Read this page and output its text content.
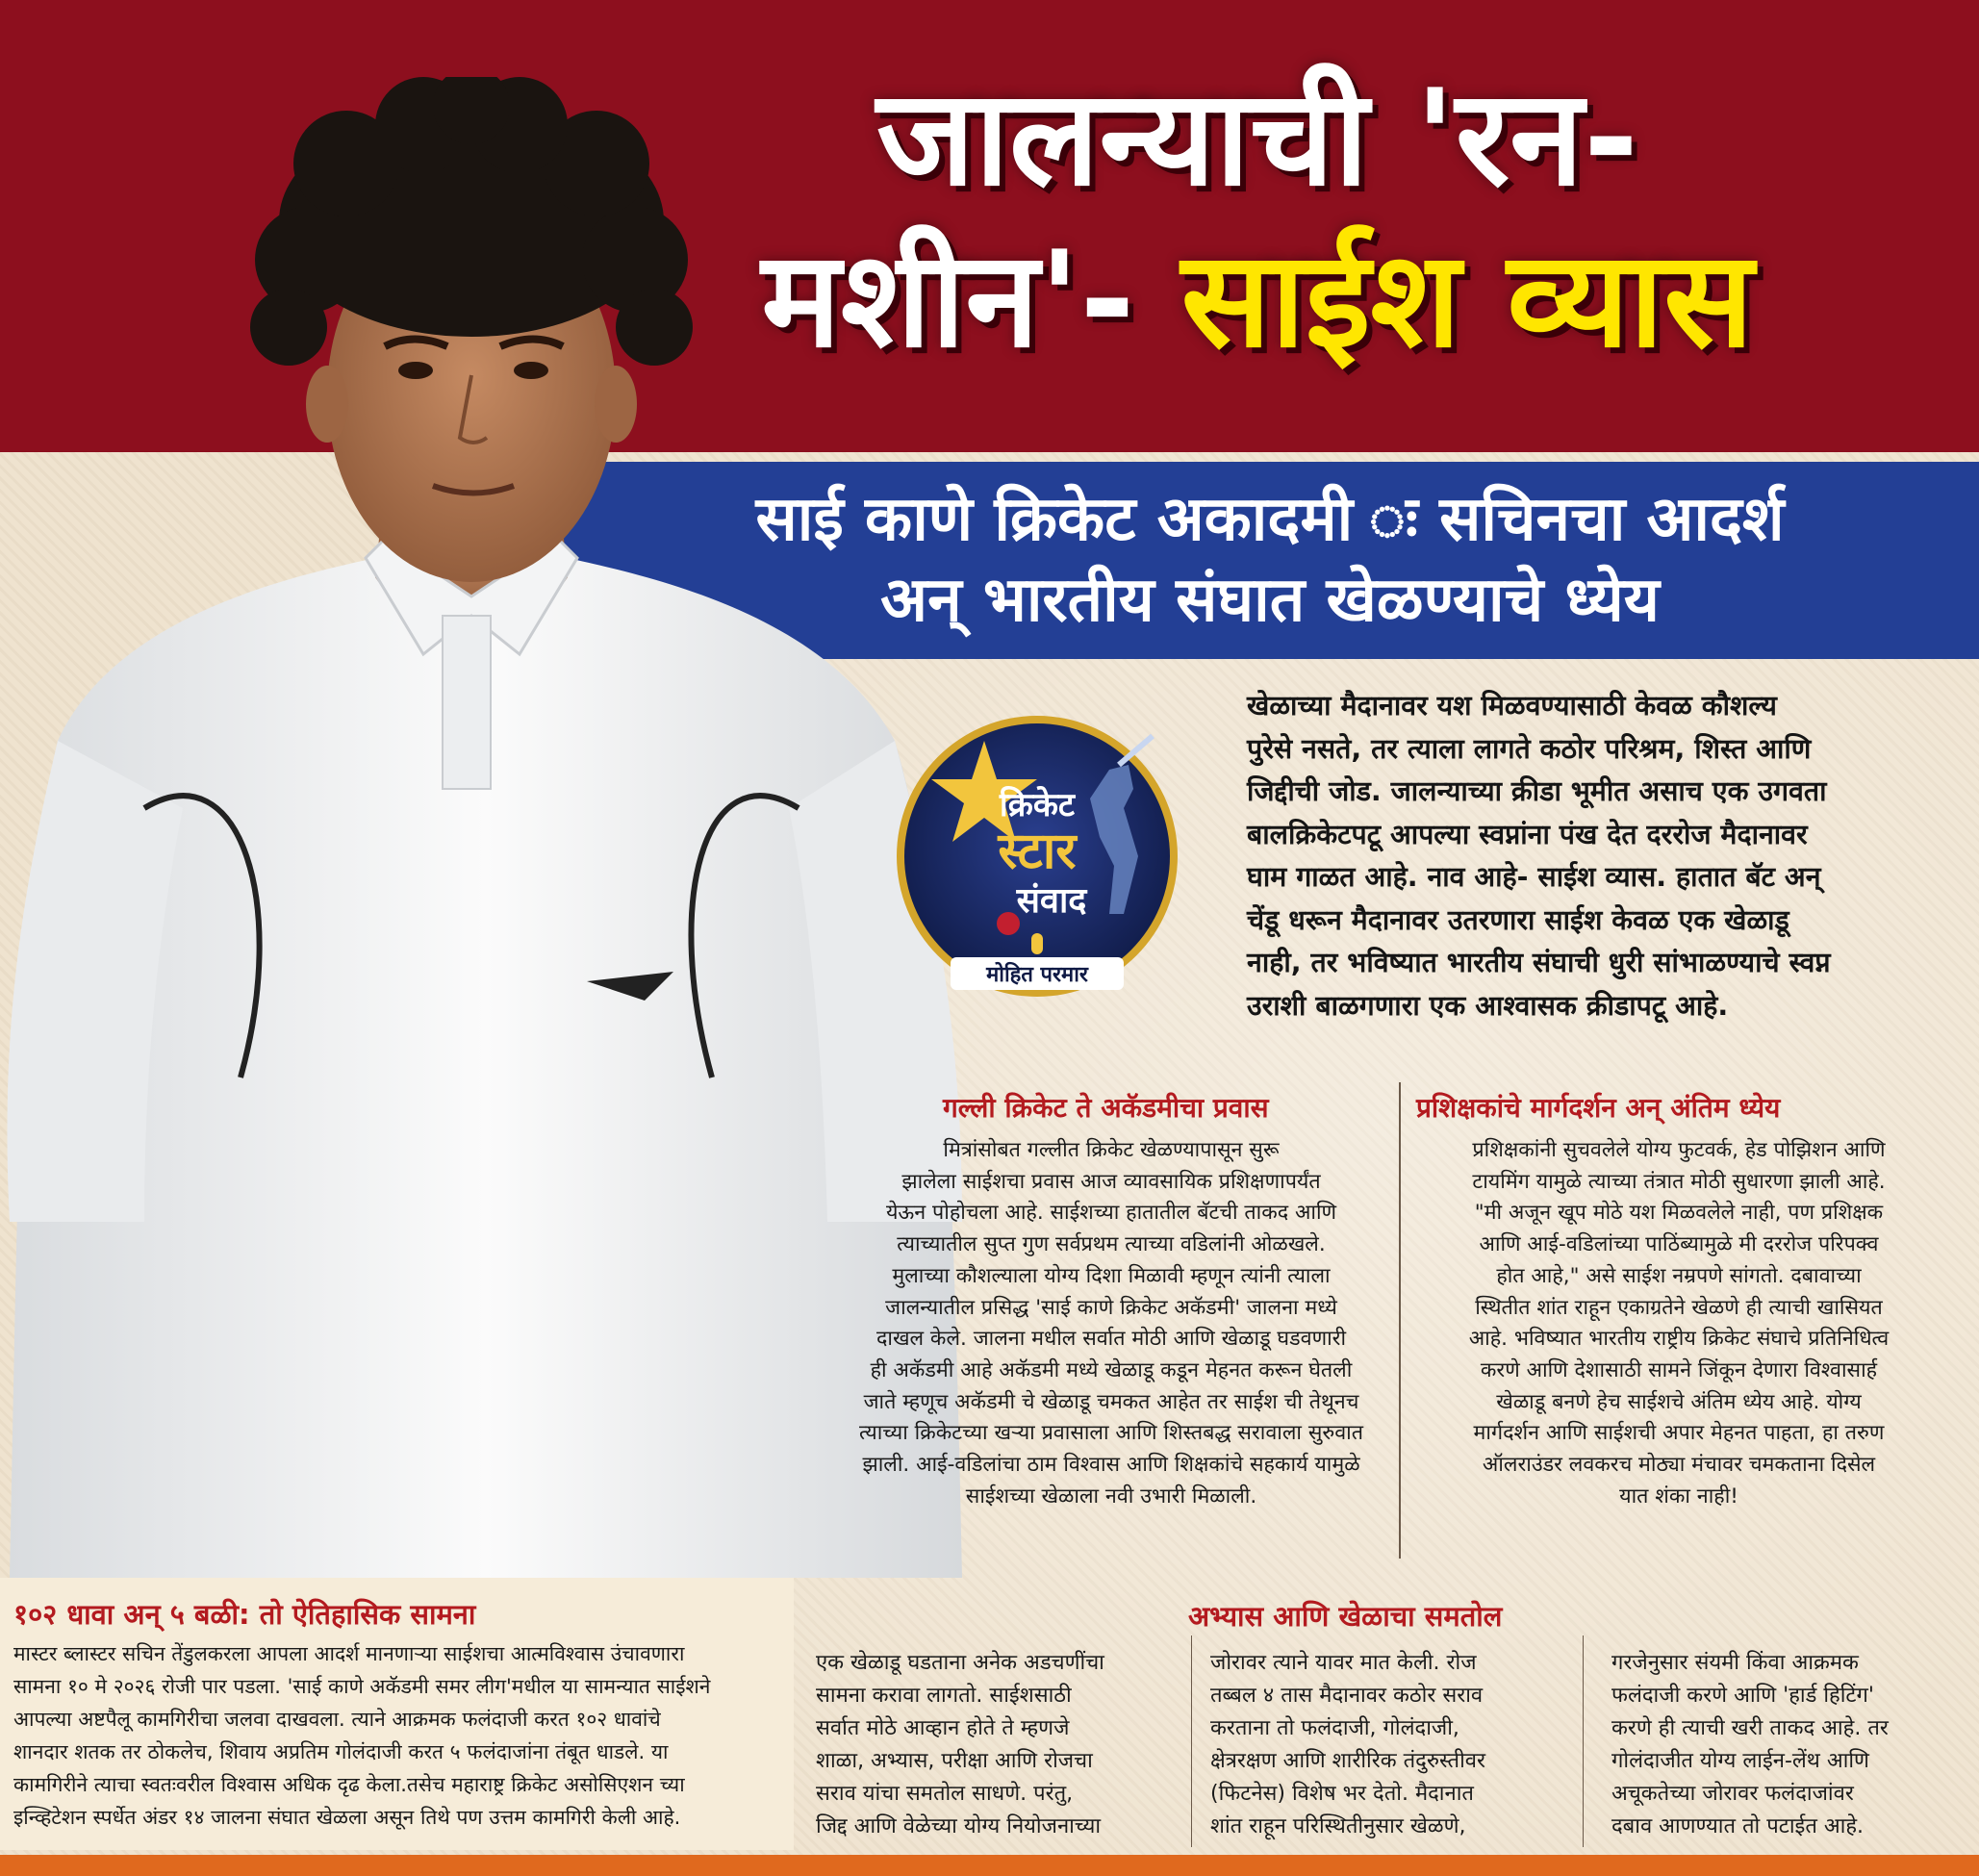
जालन्याची 'रन-
मशीन'- साईश व्यास
साई काणे क्रिकेट अकादमी ः सचिनचा आदर्श
अन् भारतीय संघात खेळण्याचे ध्येय
क्रिकेट
स्टार
संवाद
मोहित परमार
खेळाच्या मैदानावर यश मिळवण्यासाठी केवळ कौशल्य
पुरेसे नसते, तर त्याला लागते कठोर परिश्रम, शिस्त आणि
जिद्दीची जोड. जालन्याच्या क्रीडा भूमीत असाच एक उगवता
बालक्रिकेटपटू आपल्या स्वप्नांना पंख देत दररोज मैदानावर
घाम गाळत आहे. नाव आहे- साईश व्यास. हातात बॅट अन्
चेंडू धरून मैदानावर उतरणारा साईश केवळ एक खेळाडू
नाही, तर भविष्यात भारतीय संघाची धुरी सांभाळण्याचे स्वप्न
उराशी बाळगणारा एक आश्वासक क्रीडापटू आहे.
गल्ली क्रिकेट ते अकॅडमीचा प्रवास
मित्रांसोबत गल्लीत क्रिकेट खेळण्यापासून सुरू
झालेला साईशचा प्रवास आज व्यावसायिक प्रशिक्षणापर्यंत
येऊन पोहोचला आहे. साईशच्या हातातील बॅटची ताकद आणि
त्याच्यातील सुप्त गुण सर्वप्रथम त्याच्या वडिलांनी ओळखले.
मुलाच्या कौशल्याला योग्य दिशा मिळावी म्हणून त्यांनी त्याला
जालन्यातील प्रसिद्ध 'साई काणे क्रिकेट अकॅडमी' जालना मध्ये
दाखल केले. जालना मधील सर्वात मोठी आणि खेळाडू घडवणारी
ही अकॅडमी आहे अकॅडमी मध्ये खेळाडू कडून मेहनत करून घेतली
जाते म्हणूच अकॅडमी चे खेळाडू चमकत आहेत तर साईश ची तेथूनच
त्याच्या क्रिकेटच्या खऱ्या प्रवासाला आणि शिस्तबद्ध सरावाला सुरुवात
झाली. आई-वडिलांचा ठाम विश्वास आणि शिक्षकांचे सहकार्य यामुळे
साईशच्या खेळाला नवी उभारी मिळाली.
प्रशिक्षकांचे मार्गदर्शन अन् अंतिम ध्येय
प्रशिक्षकांनी सुचवलेले योग्य फुटवर्क, हेड पोझिशन आणि
टायमिंग यामुळे त्याच्या तंत्रात मोठी सुधारणा झाली आहे.
"मी अजून खूप मोठे यश मिळवलेले नाही, पण प्रशिक्षक
आणि आई-वडिलांच्या पाठिंब्यामुळे मी दररोज परिपक्व
होत आहे," असे साईश नम्रपणे सांगतो. दबावाच्या
स्थितीत शांत राहून एकाग्रतेने खेळणे ही त्याची खासियत
आहे. भविष्यात भारतीय राष्ट्रीय क्रिकेट संघाचे प्रतिनिधित्व
करणे आणि देशासाठी सामने जिंकून देणारा विश्वासार्ह
खेळाडू बनणे हेच साईशचे अंतिम ध्येय आहे. योग्य
मार्गदर्शन आणि साईशची अपार मेहनत पाहता, हा तरुण
ऑलराउंडर लवकरच मोठ्या मंचावर चमकताना दिसेल
यात शंका नाही!
१०२ धावा अन् ५ बळी: तो ऐतिहासिक सामना
मास्टर ब्लास्टर सचिन तेंडुलकरला आपला आदर्श मानणाऱ्या साईशचा आत्मविश्वास उंचावणारा
सामना १० मे २०२६ रोजी पार पडला. 'साई काणे अकॅडमी समर लीग'मधील या सामन्यात साईशने
आपल्या अष्टपैलू कामगिरीचा जलवा दाखवला. त्याने आक्रमक फलंदाजी करत १०२ धावांचे
शानदार शतक तर ठोकलेच, शिवाय अप्रतिम गोलंदाजी करत ५ फलंदाजांना तंबूत धाडले. या
कामगिरीने त्याचा स्वतःवरील विश्वास अधिक दृढ केला.तसेच महाराष्ट्र क्रिकेट असोसिएशन च्या
इन्व्हिटेशन स्पर्धेत अंडर १४ जालना संघात खेळला असून तिथे पण उत्तम कामगिरी केली आहे.
अभ्यास आणि खेळाचा समतोल
एक खेळाडू घडताना अनेक अडचणींचा
सामना करावा लागतो. साईशसाठी
सर्वात मोठे आव्हान होते ते म्हणजे
शाळा, अभ्यास, परीक्षा आणि रोजचा
सराव यांचा समतोल साधणे. परंतु,
जिद्द आणि वेळेच्या योग्य नियोजनाच्या
जोरावर त्याने यावर मात केली. रोज
तब्बल ४ तास मैदानावर कठोर सराव
करताना तो फलंदाजी, गोलंदाजी,
क्षेत्ररक्षण आणि शारीरिक तंदुरुस्तीवर
(फिटनेस) विशेष भर देतो. मैदानात
शांत राहून परिस्थितीनुसार खेळणे,
गरजेनुसार संयमी किंवा आक्रमक
फलंदाजी करणे आणि 'हार्ड हिटिंग'
करणे ही त्याची खरी ताकद आहे. तर
गोलंदाजीत योग्य लाईन-लेंथ आणि
अचूकतेच्या जोरावर फलंदाजांवर
दबाव आणण्यात तो पटाईत आहे.
